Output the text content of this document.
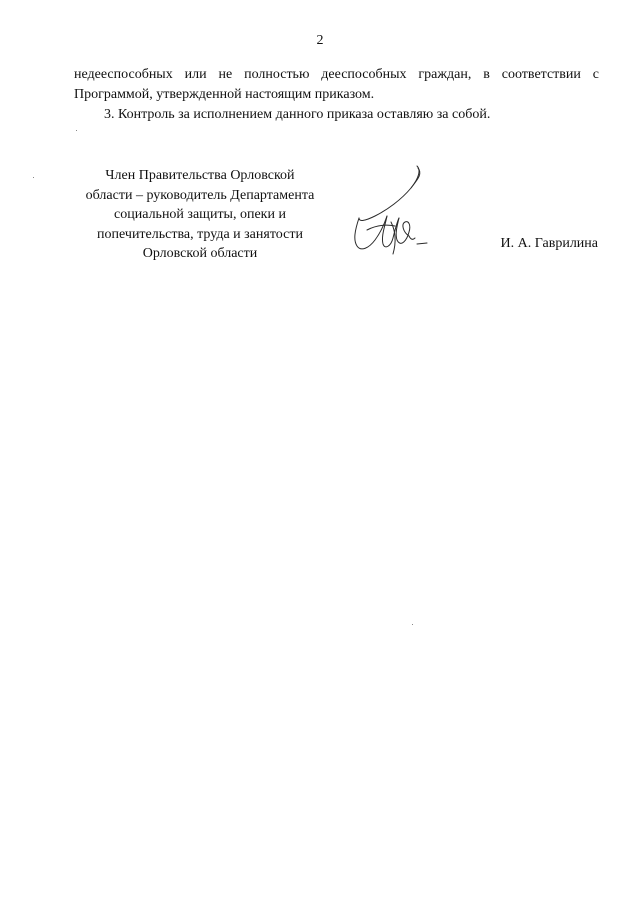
2
недееспособных или не полностью дееспособных граждан, в соответствии с Программой, утвержденной настоящим приказом.
3. Контроль за исполнением данного приказа оставляю за собой.
Член Правительства Орловской
области – руководитель Департамента
социальной защиты, опеки и
попечительства, труда и занятости
Орловской области
И. А. Гаврилина
